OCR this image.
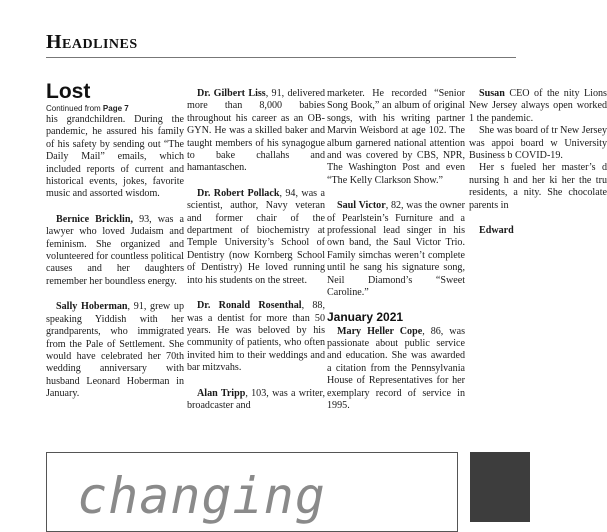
Headlines
Lost

Continued from Page 7

his grandchildren. During the pandemic, he assured his family of his safety by sending out “The Daily Mail” emails, which included reports of current and historical events, jokes, favorite music and assorted wisdom.

Bernice Bricklin, 93, was a lawyer who loved Judaism and feminism. She organized and volunteered for countless political causes and her daughters remember her boundless energy.

Sally Hoberman, 91, grew up speaking Yiddish with her grandparents, who immigrated from the Pale of Settlement. She would have celebrated her 70th wedding anniversary with husband Leonard Hoberman in January.

Dr. Gilbert Liss, 91, delivered more than 8,000 babies throughout his career as an OB-GYN. He was a skilled baker and taught members of his synagogue to bake challahs and hamantaschen.

Dr. Robert Pollack, 94, was a scientist, author, Navy veteran and former chair of the department of biochemistry at Temple University’s School of Dentistry (now Kornberg School of Dentistry) He loved running into his students on the street.

Dr. Ronald Rosenthal, 88, was a dentist for more than 50 years. He was beloved by his community of patients, who often invited him to their weddings and bar mitzvahs.

Alan Tripp, 103, was a writer, broadcaster and

marketer. He recorded “Senior Song Book,” an album of original songs, with his writing partner Marvin Weisbord at age 102. The album garnered national attention and was covered by CBS, NPR, The Washington Post and even “The Kelly Clarkson Show.”

Saul Victor, 82, was the owner of Pearlstein’s Furniture and a professional lead singer in his own band, the Saul Victor Trio. Family simchas weren’t complete until he sang his signature song, Neil Diamond’s “Sweet Caroline.”

January 2021

Mary Heller Cope, 86, was passionate about public service and education. She was awarded a citation from the Pennsylvania House of Representatives for her exemplary record of service in 1995.

Susan CEO of the nity Lions New Jersey always open worked 1 the pandemic.

She was board of tr New Jersey was appoi board w University Business b COVID-19.

Her s fueled her master’s d nursing h and her ki her the tru residents, a nity. She chocolate parents in

Edward

changing
